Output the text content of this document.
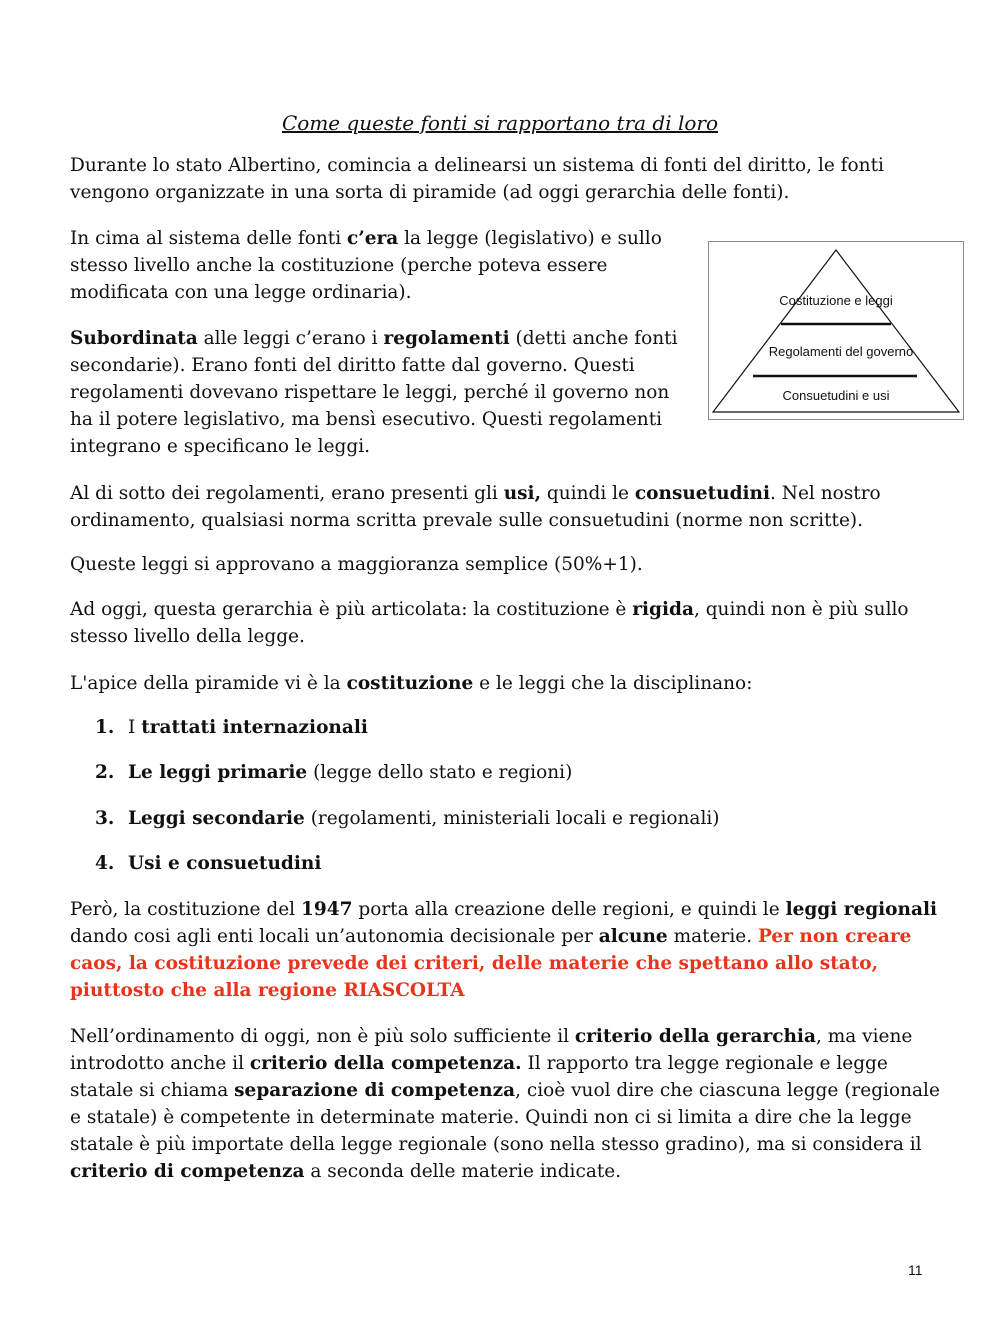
Come queste fonti si rapportano tra di loro

Durante lo stato Albertino, comincia a delinearsi un sistema di fonti del diritto, le fonti vengono organizzate in una sorta di piramide (ad oggi gerarchia delle fonti).

In cima al sistema delle fonti c’era la legge (legislativo) e sullo stesso livello anche la costituzione (perche poteva essere modificata con una legge ordinaria).

Subordinata alle leggi c’erano i regolamenti (detti anche fonti secondarie). Erano fonti del diritto fatte dal governo. Questi regolamenti dovevano rispettare le leggi, perché il governo non ha il potere legislativo, ma bensì esecutivo. Questi regolamenti integrano e specificano le leggi.

Costituzione e leggi
Regolamenti del governo
Consuetudini e usi

Al di sotto dei regolamenti, erano presenti gli usi, quindi le consuetudini. Nel nostro ordinamento, qualsiasi norma scritta prevale sulle consuetudini (norme non scritte).

Queste leggi si approvano a maggioranza semplice (50%+1).

Ad oggi, questa gerarchia è più articolata: la costituzione è rigida, quindi non è più sullo stesso livello della legge.

L'apice della piramide vi è la costituzione e le leggi che la disciplinano:

1. I trattati internazionali
2. Le leggi primarie (legge dello stato e regioni)
3. Leggi secondarie (regolamenti, ministeriali locali e regionali)
4. Usi e consuetudini

Però, la costituzione del 1947 porta alla creazione delle regioni, e quindi le leggi regionali dando cosi agli enti locali un’autonomia decisionale per alcune materie. Per non creare caos, la costituzione prevede dei criteri, delle materie che spettano allo stato, piuttosto che alla regione RIASCOLTA

Nell’ordinamento di oggi, non è più solo sufficiente il criterio della gerarchia, ma viene introdotto anche il criterio della competenza. Il rapporto tra legge regionale e legge statale si chiama separazione di competenza, cioè vuol dire che ciascuna legge (regionale e statale) è competente in determinate materie. Quindi non ci si limita a dire che la legge statale è più importate della legge regionale (sono nella stesso gradino), ma si considera il criterio di competenza a seconda delle materie indicate.

11
